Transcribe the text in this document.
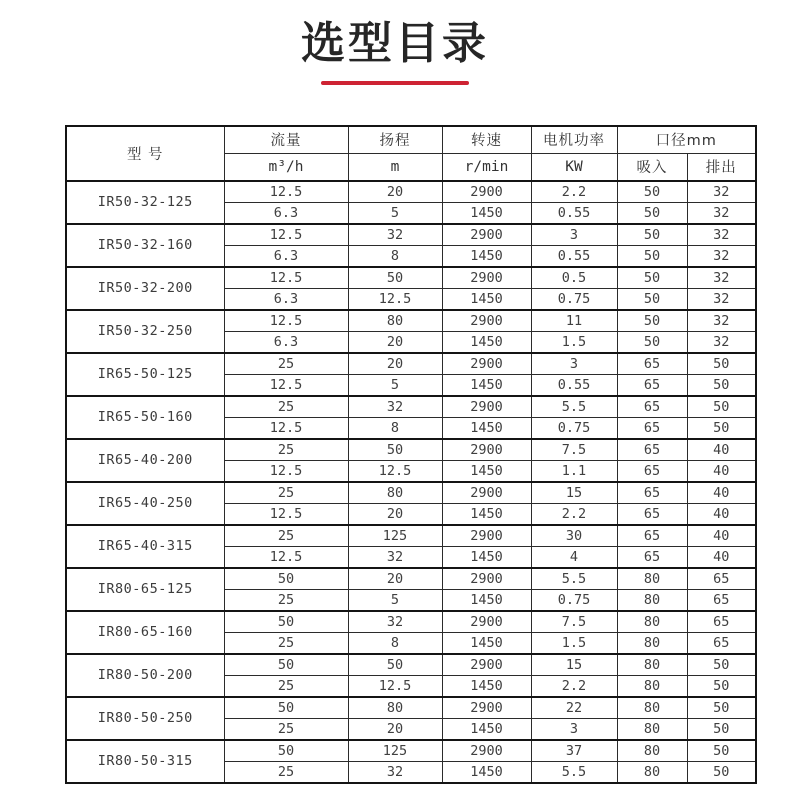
选型目录
型 号	流量	扬程	转速	电机功率	口径mm	
	m³/h	m	r/min	KW	吸入	排出
IR50-32-125	12.5	20	2900	2.2	50	32
	6.3	5	1450	0.55	50	32
IR50-32-160	12.5	32	2900	3	50	32
	6.3	8	1450	0.55	50	32
IR50-32-200	12.5	50	2900	0.5	50	32
	6.3	12.5	1450	0.75	50	32
IR50-32-250	12.5	80	2900	11	50	32
	6.3	20	1450	1.5	50	32
IR65-50-125	25	20	2900	3	65	50
	12.5	5	1450	0.55	65	50
IR65-50-160	25	32	2900	5.5	65	50
	12.5	8	1450	0.75	65	50
IR65-40-200	25	50	2900	7.5	65	40
	12.5	12.5	1450	1.1	65	40
IR65-40-250	25	80	2900	15	65	40
	12.5	20	1450	2.2	65	40
IR65-40-315	25	125	2900	30	65	40
	12.5	32	1450	4	65	40
IR80-65-125	50	20	2900	5.5	80	65
	25	5	1450	0.75	80	65
IR80-65-160	50	32	2900	7.5	80	65
	25	8	1450	1.5	80	65
IR80-50-200	50	50	2900	15	80	50
	25	12.5	1450	2.2	80	50
IR80-50-250	50	80	2900	22	80	50
	25	20	1450	3	80	50
IR80-50-315	50	125	2900	37	80	50
	25	32	1450	5.5	80	50
